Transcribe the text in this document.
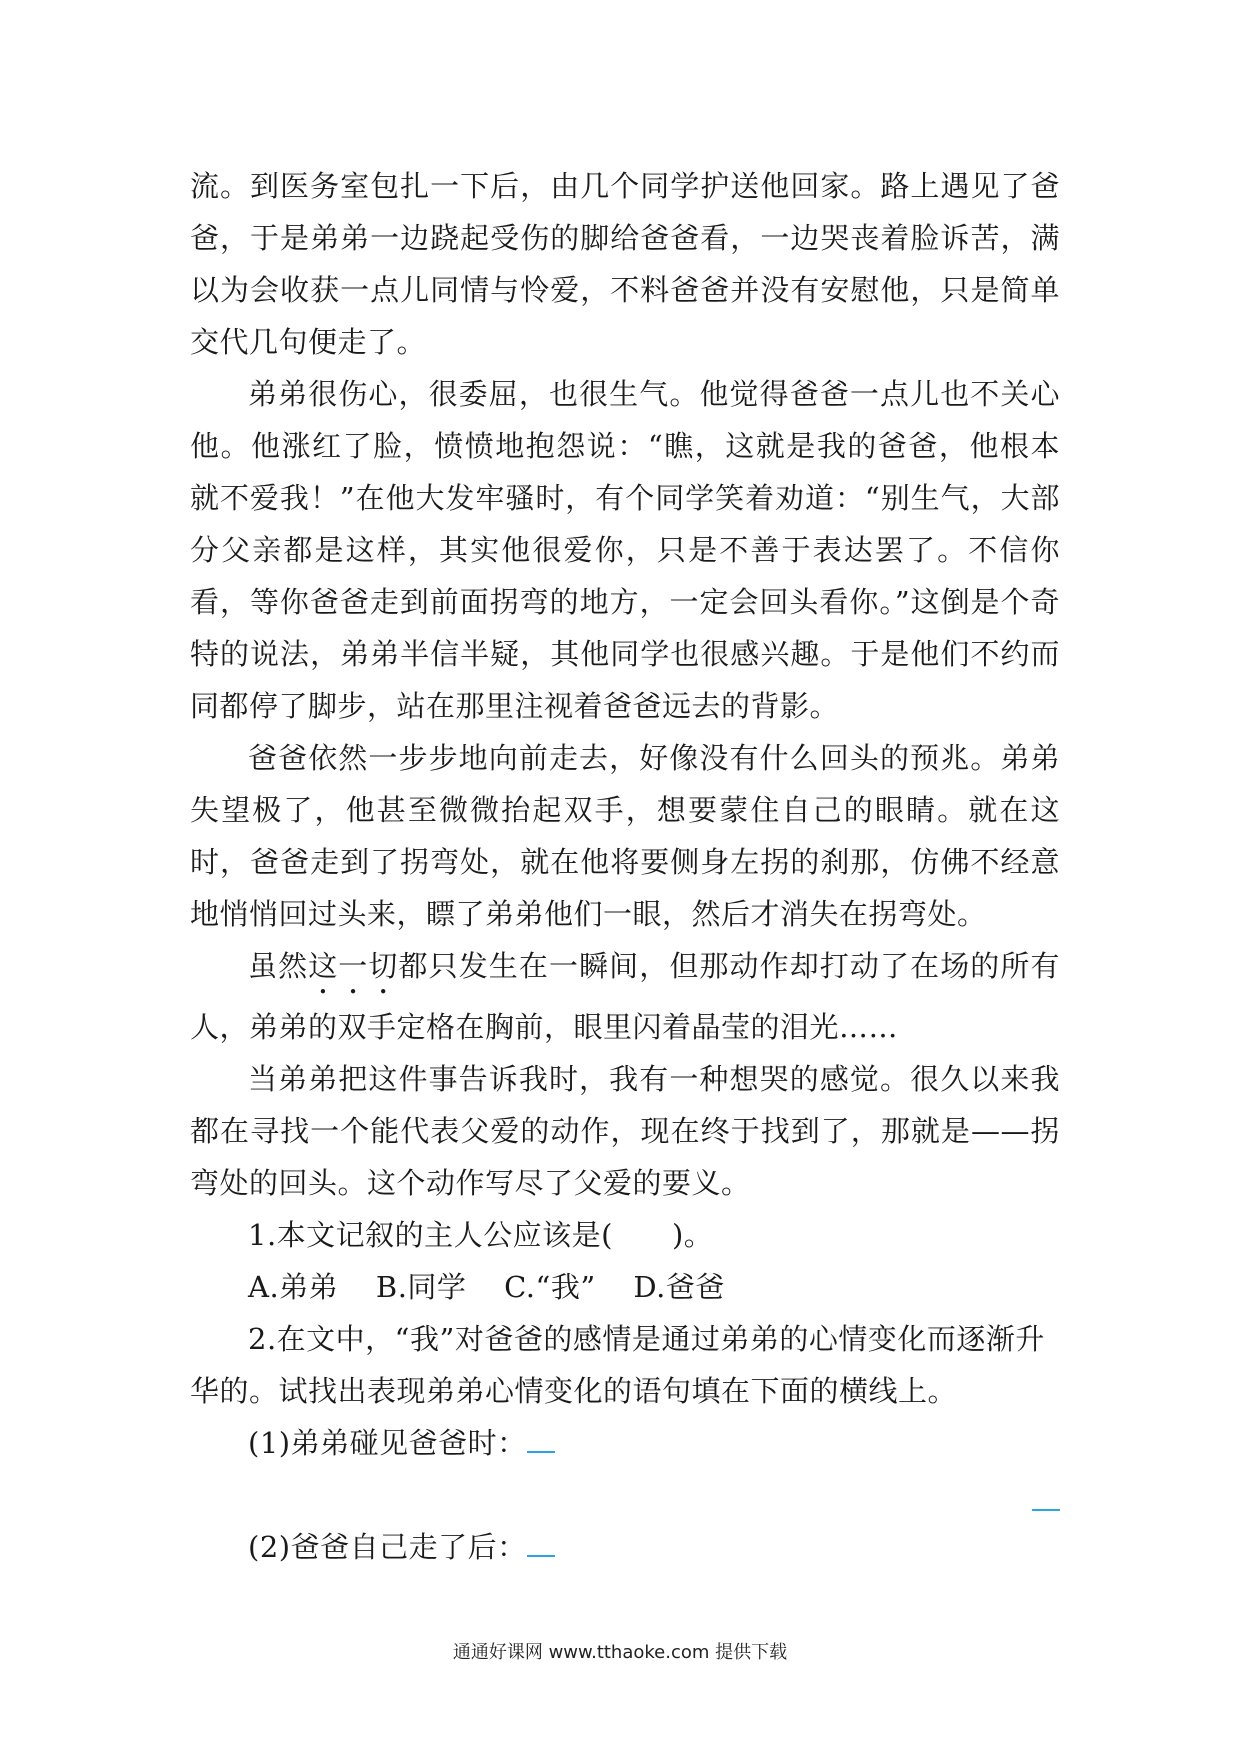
流。到医务室包扎一下后，由几个同学护送他回家。路上遇见了爸爸，于是弟弟一边跷起受伤的脚给爸爸看，一边哭丧着脸诉苦，满以为会收获一点儿同情与怜爱，不料爸爸并没有安慰他，只是简单交代几句便走了。

弟弟很伤心，很委屈，也很生气。他觉得爸爸一点儿也不关心他。他涨红了脸，愤愤地抱怨说：“瞧，这就是我的爸爸，他根本就不爱我！”在他大发牢骚时，有个同学笑着劝道：“别生气，大部分父亲都是这样，其实他很爱你，只是不善于表达罢了。不信你看，等你爸爸走到前面拐弯的地方，一定会回头看你。”这倒是个奇特的说法，弟弟半信半疑，其他同学也很感兴趣。于是他们不约而同都停了脚步，站在那里注视着爸爸远去的背影。

爸爸依然一步步地向前走去，好像没有什么回头的预兆。弟弟失望极了，他甚至微微抬起双手，想要蒙住自己的眼睛。就在这时，爸爸走到了拐弯处，就在他将要侧身左拐的刹那，仿佛不经意地悄悄回过头来，瞟了弟弟他们一眼，然后才消失在拐弯处。

虽然这一切都只发生在一瞬间，但那动作却打动了在场的所有人，弟弟的双手定格在胸前，眼里闪着晶莹的泪光……

当弟弟把这件事告诉我时，我有一种想哭的感觉。很久以来我都在寻找一个能代表父爱的动作，现在终于找到了，那就是——拐弯处的回头。这个动作写尽了父爱的要义。

1.本文记叙的主人公应该是(　　)。

A.弟弟 B.同学 C.“我” D.爸爸

2.在文中，“我”对爸爸的感情是通过弟弟的心情变化而逐渐升华的。试找出表现弟弟心情变化的语句填在下面的横线上。

(1)弟弟碰见爸爸时：

(2)爸爸自己走了后：

通通好课网 www.tthaoke.com 提供下载
